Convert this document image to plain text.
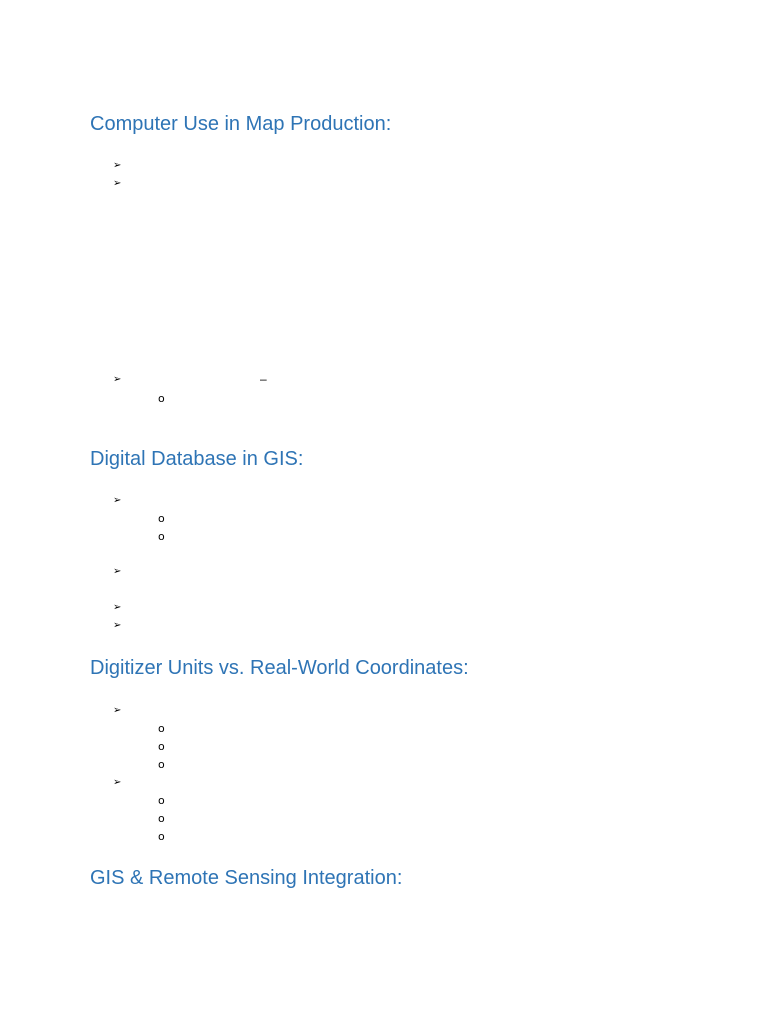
Computer Use in Map Production:
➢
➢
➢	–
o
Digital Database in GIS:
➢
o
o
➢
➢
➢
Digitizer Units vs. Real-World Coordinates:
➢
o
o
o
➢
o
o
o
GIS & Remote Sensing Integration:
